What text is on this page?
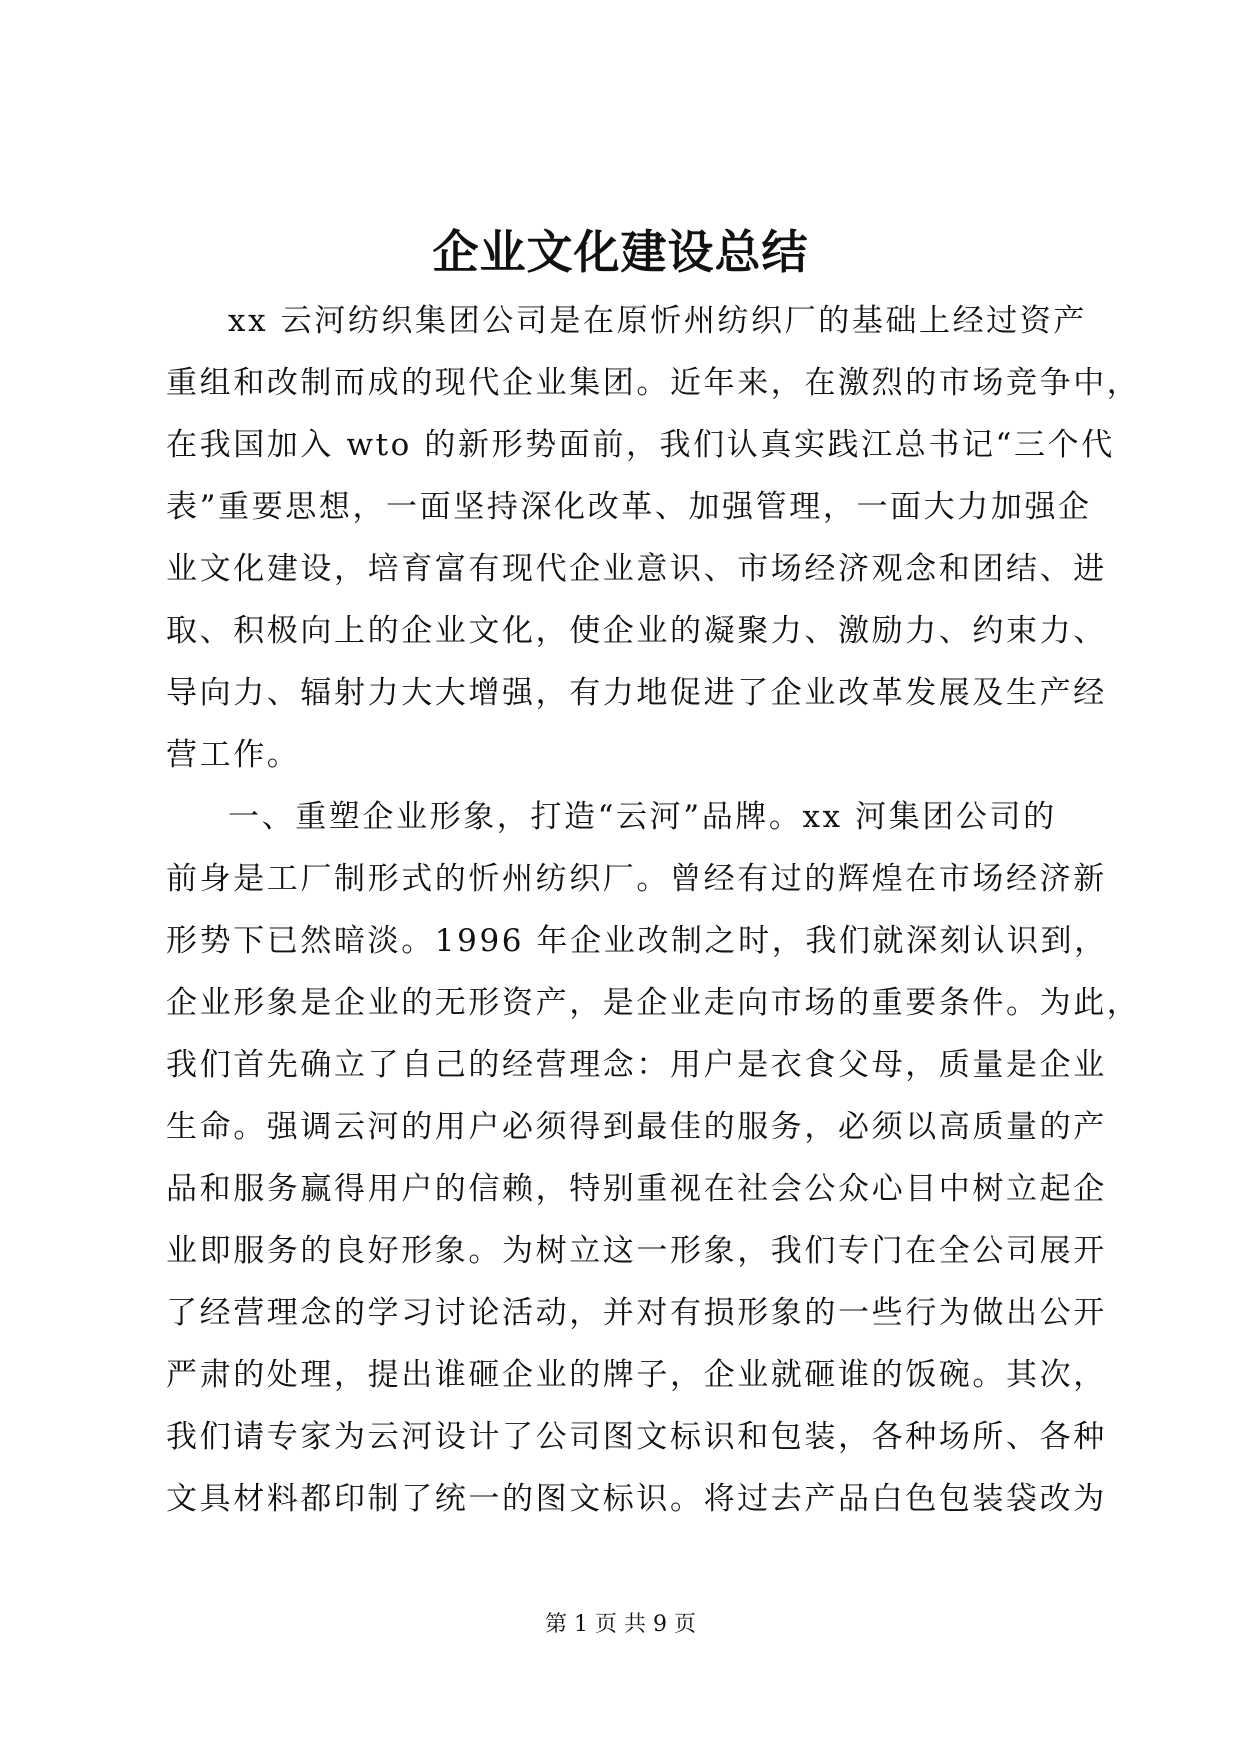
企业文化建设总结
xx 云河纺织集团公司是在原忻州纺织厂的基础上经过资产
重组和改制而成的现代企业集团。近年来，在激烈的市场竞争中，
在我国加入 wto 的新形势面前，我们认真实践江总书记“三个代
表”重要思想，一面坚持深化改革、加强管理，一面大力加强企
业文化建设，培育富有现代企业意识、市场经济观念和团结、进
取、积极向上的企业文化，使企业的凝聚力、激励力、约束力、
导向力、辐射力大大增强，有力地促进了企业改革发展及生产经
营工作。
一、重塑企业形象，打造“云河”品牌。xx 河集团公司的
前身是工厂制形式的忻州纺织厂。曾经有过的辉煌在市场经济新
形势下已然暗淡。1996 年企业改制之时，我们就深刻认识到，
企业形象是企业的无形资产，是企业走向市场的重要条件。为此，
我们首先确立了自己的经营理念：用户是衣食父母，质量是企业
生命。强调云河的用户必须得到最佳的服务，必须以高质量的产
品和服务赢得用户的信赖，特别重视在社会公众心目中树立起企
业即服务的良好形象。为树立这一形象，我们专门在全公司展开
了经营理念的学习讨论活动，并对有损形象的一些行为做出公开
严肃的处理，提出谁砸企业的牌子，企业就砸谁的饭碗。其次，
我们请专家为云河设计了公司图文标识和包装，各种场所、各种
文具材料都印制了统一的图文标识。将过去产品白色包装袋改为
第 1 页 共 9 页
